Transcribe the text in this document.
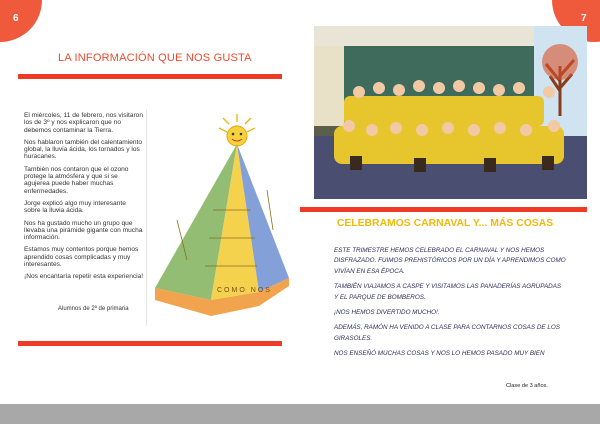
6	7
LA INFORMACIÓN QUE NOS GUSTA

El miércoles, 11 de febrero, nos visitaron los de 3º y nos explicaron que no debemos contaminar la Tierra.

Nos hablaron también del calentamiento global, la lluvia ácida, los tornados y los huracanes.

También nos contaron que el ozono protege la atmósfera y que si se agujerea puede haber muchas enfermedades.

Jorge explicó algo muy interesante sobre la lluvia ácida.

Nos ha gustado mucho un grupo que llevaba una pirámide gigante con mucha información.

Estamos muy contentos porque hemos aprendido cosas complicadas y muy interesantes.

¡Nos encantaría repetir esta experiencia!

COMO NOS
Alumnos de 2º de primaria
CELEBRAMOS CARNAVAL Y... MÁS COSAS

ESTE TRIMESTRE HEMOS CELEBRADO EL CARNAVAL Y NOS HEMOS DISFRAZADO. FUIMOS PREHISTÓRICOS POR UN DÍA Y APRENDIMOS COMO VIVÍAN EN ESA ÉPOCA.

TAMBIÉN VIAJAMOS A CASPE Y VISITAMOS LAS PANADERÍAS AGRUPADAS Y EL PARQUE DE BOMBEROS.

¡NOS HEMOS DIVERTIDO MUCHO!.

ADEMÁS, RAMÓN HA VENIDO A CLASE PARA CONTARNOS COSAS DE LOS GIRASOLES.

NOS ENSEÑÓ MUCHAS COSAS Y NOS LO HEMOS PASADO MUY BIEN

Clase de 3 años.
